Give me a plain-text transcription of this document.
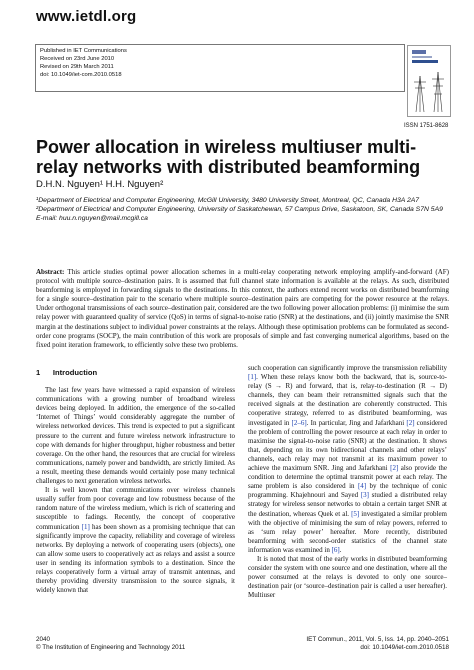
www.ietdl.org
Published in IET Communications
Received on 23rd June 2010
Revised on 29th March 2011
doi: 10.1049/iet-com.2010.0518
ISSN 1751-8628
Power allocation in wireless multiuser multi-relay networks with distributed beamforming
D.H.N. Nguyen¹ H.H. Nguyen²

¹Department of Electrical and Computer Engineering, McGill University, 3480 University Street, Montreal, QC, Canada H3A 2A7

²Department of Electrical and Computer Engineering, University of Saskatchewan, 57 Campus Drive, Saskatoon, SK, Canada S7N 5A9

E-mail: huu.n.nguyen@mail.mcgill.ca

Abstract: This article studies optimal power allocation schemes in a multi-relay cooperating network employing amplify-and-forward (AF) protocol with multiple source–destination pairs. It is assumed that full channel state information is available at the relays. As such, distributed beamforming is employed in forwarding signals to the destinations. In this context, the authors extend recent works on distributed beamforming for a single source–destination pair to the scenario where multiple source–destination pairs are competing for the power resource at the relays. Under orthogonal transmissions of each source–destination pair, considered are the two following power allocation problems: (i) minimise the sum relay power with guaranteed quality of service (QoS) in terms of signal-to-noise ratio (SNR) at the destinations, and (ii) jointly maximise the SNR margin at the destinations subject to individual power constraints at the relays. Although these optimisation problems can be formulated as second-order cone programs (SOCP), the main contribution of this work are proposals of simple and fast converging numerical algorithms, based on the fixed point iteration framework, to efficiently solve these two problems.

1 Introduction

The last few years have witnessed a rapid expansion of wireless communications with a growing number of broadband wireless devices being deployed. In addition, the emergence of the so-called ‘Internet of Things’ would considerably aggregate the number of wireless networked devices. This trend is expected to put a significant pressure to the current and future wireless network infrastructure to cope with demands for higher throughput, higher robustness and better coverage. On the other hand, the resources that are crucial for wireless communications, namely power and bandwidth, are strictly limited. As a result, meeting these demands would certainly pose many technical challenges to next generation wireless networks.

It is well known that communications over wireless channels usually suffer from poor coverage and low robustness because of the random nature of the wireless medium, which is rich of scattering and susceptible to fadings. Recently, the concept of cooperative communication [1] has been shown as a promising technique that can significantly improve the capacity, reliability and coverage of wireless networks. By deploying a network of cooperating users (objects), one can allow some users to cooperatively act as relays and assist a source user in sending its information symbols to a destination. Since the relays cooperatively form a virtual array of transmit antennas, and thereby providing diversity transmission to the source signals, it widely known that

such cooperation can significantly improve the transmission reliability [1]. When these relays know both the backward, that is, source-to-relay (S → R) and forward, that is, relay-to-destination (R → D) channels, they can beam their retransmitted signals such that the received signals at the destination are coherently constructed. This cooperative strategy, referred to as distributed beamforming, was investigated in [2–6]. In particular, Jing and Jafarkhani [2] considered the problem of controlling the power resource at each relay in order to maximise the signal-to-noise ratio (SNR) at the destination. It shows that, depending on its own bidirectional channels and other relays’ channels, each relay may not transmit at its maximum power to achieve the maximum SNR. Jing and Jafarkhani [2] also provide the condition to determine the optimal transmit power at each relay. The same problem is also considered in [4] by the technique of conic programming. Khajehnouri and Sayed [3] studied a distributed relay strategy for wireless sensor networks to obtain a certain target SNR at the destination, whereas Quek et al. [5] investigated a similar problem with the objective of minimising the sum of relay powers, referred to as ‘sum relay power’ hereafter. More recently, distributed beamforming with second-order statistics of the channel state information was examined in [6].

It is noted that most of the early works in distributed beamforming consider the system with one source and one destination, where all the power consumed at the relays is devoted to only one source–destination pair (or ‘source–destination pair is called a user hereafter). Multiuser

2040
© The Institution of Engineering and Technology 2011
IET Commun., 2011, Vol. 5, Iss. 14, pp. 2040–2051
doi: 10.1049/iet-com.2010.0518
